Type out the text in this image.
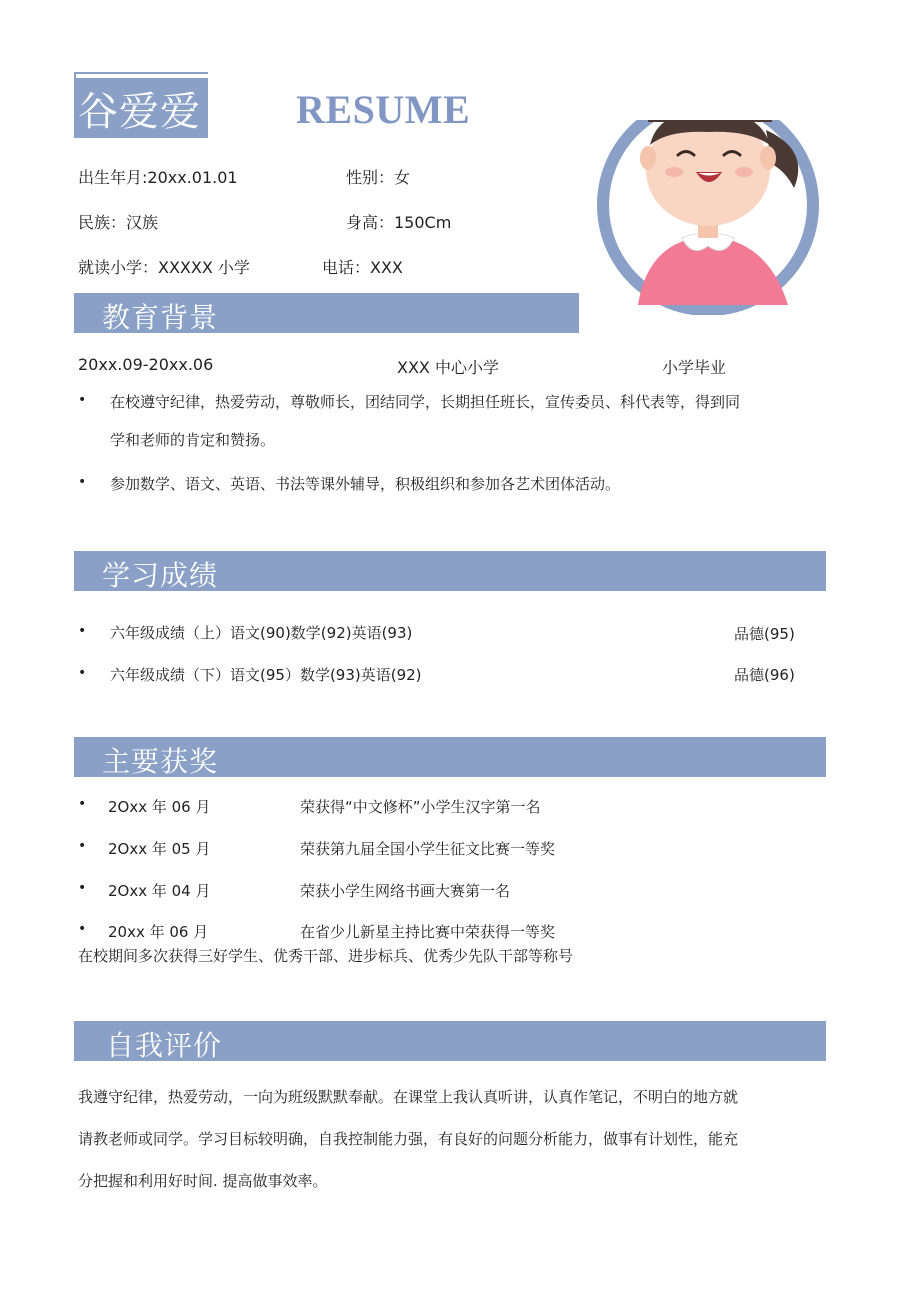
谷爱爱 RESUME
出生年月:20xx.01.01	性别：女
民族：汉族	身高：150Cm
就读小学：XXXXX 小学	电话：XXX
教育背景
20xx.09-20xx.06	XXX 中心小学	小学毕业
• 在校遵守纪律，热爱劳动，尊敬师长，团结同学，长期担任班长，宣传委员、科代表等，得到同
学和老师的肯定和赞扬。
• 参加数学、语文、英语、书法等课外辅导，积极组织和参加各艺术团体活动。
学习成绩
• 六年级成绩（上）语文(90)数学(92)英语(93)	品德(95)
• 六年级成绩（下）语文(95）数学(93)英语(92)	品德(96)
主要获奖
• 2Oxx 年 06 月	荣获得“中文修杯”小学生汉字第一名
• 2Oxx 年 05 月	荣获第九届全国小学生征文比赛一等奖
• 2Oxx 年 04 月	荣获小学生网络书画大赛第一名
• 20xx 年 06 月	在省少儿新星主持比赛中荣获得一等奖
在校期间多次获得三好学生、优秀干部、进步标兵、优秀少先队干部等称号
自我评价
我遵守纪律，热爱劳动，一向为班级默默奉献。在课堂上我认真听讲，认真作笔记，不明白的地方就
请教老师或同学。学习目标较明确，自我控制能力强，有良好的问题分析能力，做事有计划性，能充
分把握和利用好时间. 提高做事效率。
